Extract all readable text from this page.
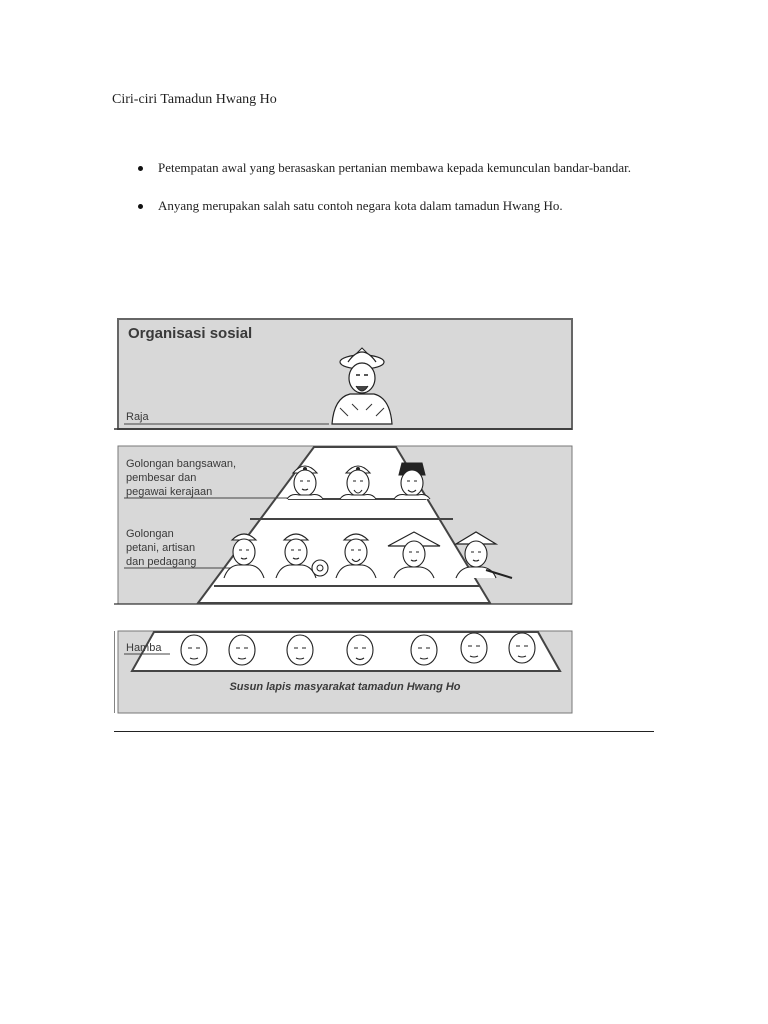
Ciri-ciri Tamadun Hwang Ho
Petempatan awal yang berasaskan pertanian membawa kepada kemunculan bandar-bandar.
Anyang merupakan salah satu contoh negara kota dalam tamadun Hwang Ho.
Organisasi sosial
Raja
Golongan bangsawan,
pembesar dan
pegawai kerajaan
Golongan
petani, artisan
dan pedagang
Hamba
Susun lapis masyarakat tamadun Hwang Ho
